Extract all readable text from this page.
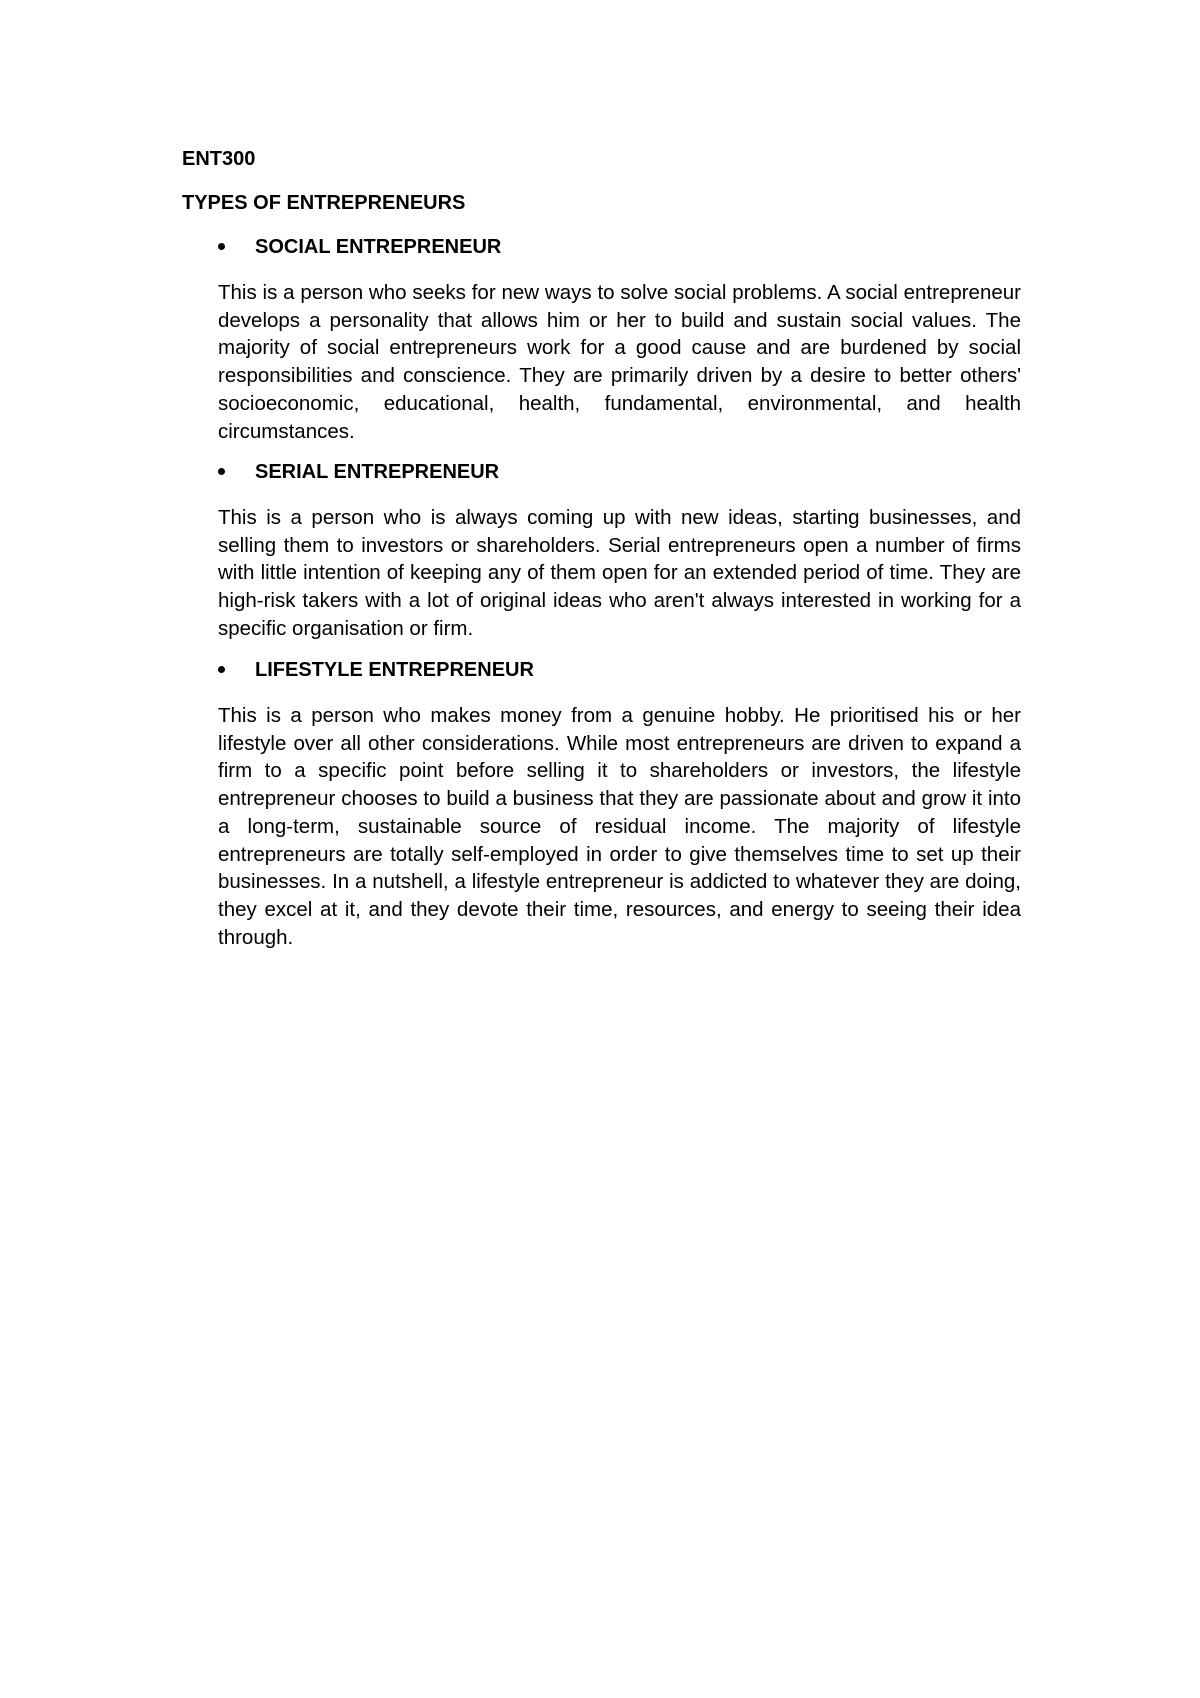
ENT300

TYPES OF ENTREPRENEURS

SOCIAL ENTREPRENEUR

This is a person who seeks for new ways to solve social problems. A social entrepreneur develops a personality that allows him or her to build and sustain social values. The majority of social entrepreneurs work for a good cause and are burdened by social responsibilities and conscience. They are primarily driven by a desire to better others' socioeconomic, educational, health, fundamental, environmental, and health circumstances.

SERIAL ENTREPRENEUR

This is a person who is always coming up with new ideas, starting businesses, and selling them to investors or shareholders. Serial entrepreneurs open a number of firms with little intention of keeping any of them open for an extended period of time. They are high-risk takers with a lot of original ideas who aren't always interested in working for a specific organisation or firm.

LIFESTYLE ENTREPRENEUR

This is a person who makes money from a genuine hobby. He prioritised his or her lifestyle over all other considerations. While most entrepreneurs are driven to expand a firm to a specific point before selling it to shareholders or investors, the lifestyle entrepreneur chooses to build a business that they are passionate about and grow it into a long-term, sustainable source of residual income. The majority of lifestyle entrepreneurs are totally self-employed in order to give themselves time to set up their businesses. In a nutshell, a lifestyle entrepreneur is addicted to whatever they are doing, they excel at it, and they devote their time, resources, and energy to seeing their idea through.
